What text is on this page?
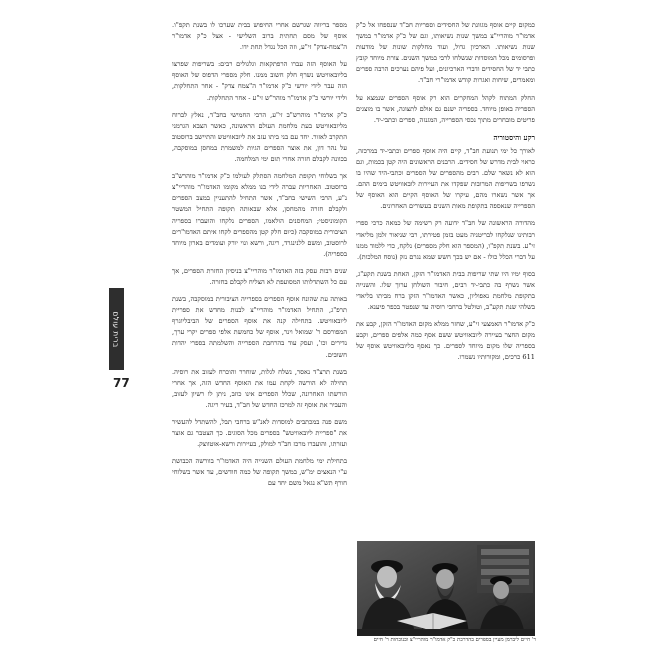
כמקום קיים אוסף מגוונת של החסידים וספריות חב"ד שנספחו אל כ"ק אדמו"ר מוהריי"צ במשך שנות נשיאותו, וגם של כ"ק אדמו"ר במשך שנות נשיאותו. הארכיון גדול, ועוד מחלקות שונות של מודעות ופרסומים מכל המוסדות שנשלחו לרבי במשך השנים. צורת מיוחד קובץ כתבי יד של החסידים ודברי הארכיונים, ועל פיהם נערכים הרבה ספרים ומאמרים, שיחות ואגרות קודש אדמו"רי חב"ד.

החלק המתוח לקהל המחקרים הוא רק אוסף הספרים שנמצא על הספריה באופן מיוחד. בספריה ישנם גם אולם לתצוגה, אשר בו מוצגים פריטים מובחרים מתוך נכסי הספרייה, המגנזה, ספרים וכתבי-יד.

רקע והיסטוריה

לאורך כל ימי תנועת חב"ד, קיים היה אוסף ספרים וכתבי-יד במרכזה, כראוי לבית מדרש של חסידים. הרבנים הראשונים היה קטן בכמות, וגם הוא לא נשאר שלם. רבים מהספרים של הספרים וכתבי-היד שהיו בו נשרפו בשריפות המרובות שפקדו את העיירות לובאוויטש בימים ההם. אך אשר נשארו מהם, עיקרו של האוסף הקיים הוא האוסף של הספרייה שנאספה בתקופת מאות השנים בעשורים האחרונים.

מהדורה הראשונה של חב"ד ידועה רק רשימה של כמאה כרכי ספרי רבותינו שנלקחו לבריטניה מעט בזמן פטירתו, רבי שניאור זלמן מליאדי זי"ע. בשנת תקפ"ו, (המספר הוא חלק מספרים) נלקח, כדי ללמוד ממנו על דברי הכלל כולו - אם יש בכך חשש שמא נגרם נזק (נוסח המלכות).

בסוף ימיו היו שתי שריפות בבית האדמו"ר הזקן, האחת בשנת תקע"ג, אשר נשרף בה כתבי-יד רבים, חיבור השולחן ערוך שלו. והשנייה בתקופת מלחמת נאפוליון, כאשר האדמו"ר הזקן ברח מביתו בליאדי בשלהי שנת תקע"ב, וטולטל ברחבי רוסיה עד שנפטר בכפר פיענא.

כ"ק אדמו"ר האמצעי זי"ע, שחזר ממלא מקום האדמו"ר הזקן, קבע את מקום החצר בעיירה ליובאוויטש ששם אסף כמה אלפים ספרים, וקבע בספריה שלו מקום מיוחד לספרים. כך נאסף בליובאוויטש אוסף של 611 כרכים, ומקורותיו נשמרו.

מספר בריווה שגרשם אחרי החיפוש בבית שערכו לו בשנת תקפ"ו. אוסף של מסם תחתית ברוב השלישי - אצל כ"ק אדמו"ר ה"צמח-צדק" זי"ע, וזה הכל נגדל תחת ידו.

על האוסף הזה עברו הרפתקאות וגלגולים רבים: בשריפות שפרצו בליובאוויטש נשרף חלק חשוב ממנו. חלק מספרי הדפוס של האוסף הזה עבר לידי יורשי כ"ק אדמו"ר ה"צמח צדק" - אחר התחלקות, ולידי יורשי כ"ק אדמו"ר מוהר"ש זי"ע - אחר התחלקות.

כ"ק אדמו"ר מוהרש"ב זי"ע, הרבי החמישי בחב"ד, נאלץ לברוח מליובאוויטש בעת מלחמת העולם הראשונה, כאשר הצבא הגרמני התקרב לאזור. יחד עם בני ביתו עזב את ליובאוויטש והתיישב ברוסטוב על נהר דון, את אוצר הספרים הגיות למשמרת במחסן במוסקבה, בכוונה לקבלם חזרה אחרי תום ימי המלחמה.

אך בשלוחי תקופת המלחמה הסתלק לעולמו כ"ק אדמו"ר מוהרש"ב ברוסטוב. האחריות עברה לידי בנו ממלא מקומו האדמו"ר מוהריי"צ נ"ע, הרבי השישי בחב"ד, אשר התחיל להתעניין במצב הספרים ולקבלם חזרה מהמחסן, אלא שבאותה תקופה התחיל המשטר הקומוניסטי; המחסנים הולאמו, הספרים נלקחו והועברו בספריה הציבורית במוסקבה (כיום חלק קטן מהספרים לקחו איתם האדמו"רים לרוסטוב, ומשם ללנינגרד, ריגה, ורשא ונוי יורק ועומדים בארון מיוחד בספריה).

שנים רבות עסק בזה האדמו"ר מוהריי"צ בניסיון החזרת הספרים, אך עם כל השתדלותו המסועפת לא הצליח לקבלם בחזרה.

באותה עת שהונח אוסף הספרים בספרייה הציבורית במוסקבה, בשנת תרפ"ג, התחיל האדמו"ר מוהריי"צ לבנות מחדש את ספריית ליובאוויטש. בתחילה קנה את אוסף הספרים של הביבליוגרף המפורסם ר' שמואל וינר, אוסף של כחמשת אלפי ספרים יקרי ערך, נדירים וכו', ועסק עוד בהרחבת הספרייה והשלמתה בספרי יהדות חשובים.

בשנת תרצ"ד נאסר, נשלח לגלות, שוחרר והוכרח לעזוב את רוסיה. תחילה לא הורשה לקחת עמו את האוסף החדש הזה, אך אחרי הורשתו האחרונה, שכלל הספרים אינו כוזב, ניתן לו רשיון לעזוב, והעביר את אוסף זה למרכז החדש של חב"ד, בעיר ריגה.

משם פנה במכתבים למוסדות לאנ"ש ברחבי תבל, להשתדל להעשיר את "ספריית ליובאוויטש" בספרים מכל הסוגים. כך הצטבר גם אוצר ועזרתו, והועברו מרכז חב"ד למולק, בעיירות ורשא-אוטווצק.

בתחילת ימי מלחמת העולם השנייה היה האדמו"ר בוורשה הכבושת ע"י הנאצים ימ"ש, במשך תקופה של כמה חודשים, עד אשר בשלוחי חורף תש"א נגאל משם יחד עם

ברית עולם
77
ר' חיים ליברמן מעיין בספרים בהדרכת כ"ק אדמו"ר מוהריי"צ ובנוכחות ר' חיים
